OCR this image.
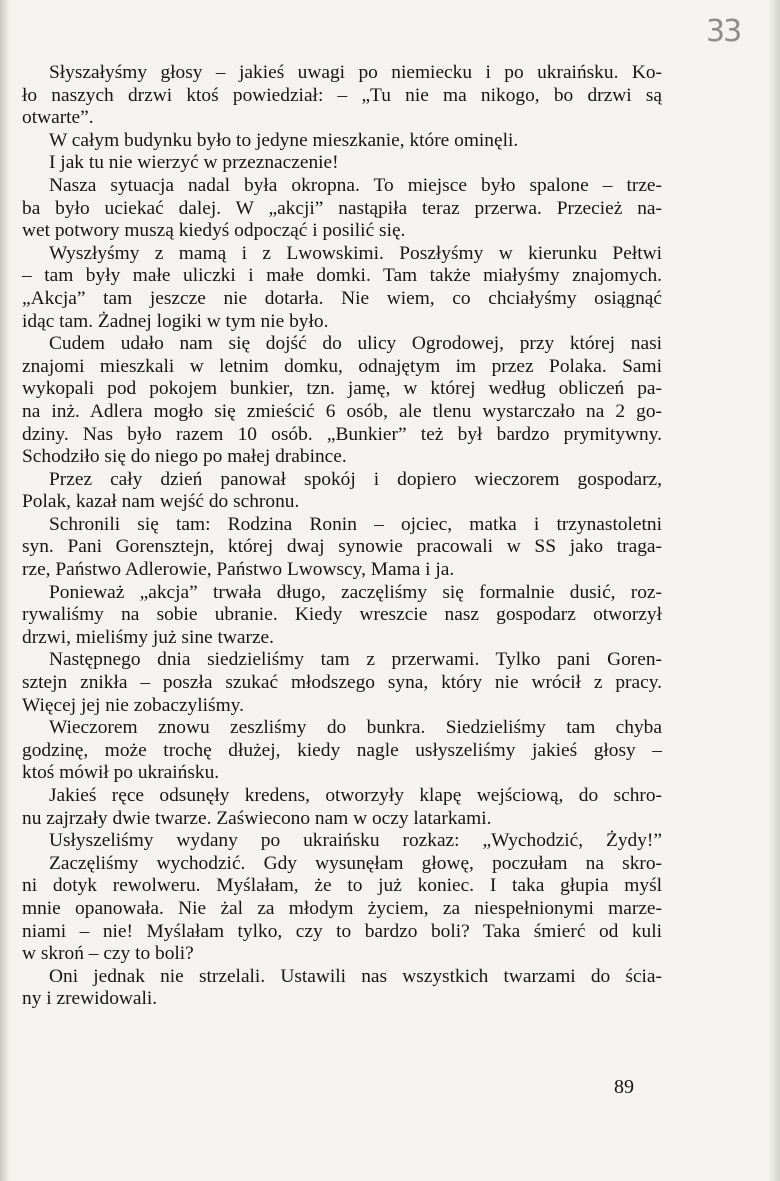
33
Słyszałyśmy głosy – jakieś uwagi po niemiecku i po ukraińsku. Ko-
ło naszych drzwi ktoś powiedział: – „Tu nie ma nikogo, bo drzwi są
otwarte”.
W całym budynku było to jedyne mieszkanie, które ominęli.
I jak tu nie wierzyć w przeznaczenie!
Nasza sytuacja nadal była okropna. To miejsce było spalone – trze-
ba było uciekać dalej. W „akcji” nastąpiła teraz przerwa. Przecież na-
wet potwory muszą kiedyś odpocząć i posilić się.
Wyszłyśmy z mamą i z Lwowskimi. Poszłyśmy w kierunku Pełtwi
– tam były małe uliczki i małe domki. Tam także miałyśmy znajomych.
„Akcja” tam jeszcze nie dotarła. Nie wiem, co chciałyśmy osiągnąć
idąc tam. Żadnej logiki w tym nie było.
Cudem udało nam się dojść do ulicy Ogrodowej, przy której nasi
znajomi mieszkali w letnim domku, odnajętym im przez Polaka. Sami
wykopali pod pokojem bunkier, tzn. jamę, w której według obliczeń pa-
na inż. Adlera mogło się zmieścić 6 osób, ale tlenu wystarczało na 2 go-
dziny. Nas było razem 10 osób. „Bunkier” też był bardzo prymitywny.
Schodziło się do niego po małej drabince.
Przez cały dzień panował spokój i dopiero wieczorem gospodarz,
Polak, kazał nam wejść do schronu.
Schronili się tam: Rodzina Ronin – ojciec, matka i trzynastoletni
syn. Pani Gorensztejn, której dwaj synowie pracowali w SS jako traga-
rze, Państwo Adlerowie, Państwo Lwowscy, Mama i ja.
Ponieważ „akcja” trwała długo, zaczęliśmy się formalnie dusić, roz-
rywaliśmy na sobie ubranie. Kiedy wreszcie nasz gospodarz otworzył
drzwi, mieliśmy już sine twarze.
Następnego dnia siedzieliśmy tam z przerwami. Tylko pani Goren-
sztejn znikła – poszła szukać młodszego syna, który nie wrócił z pracy.
Więcej jej nie zobaczyliśmy.
Wieczorem znowu zeszliśmy do bunkra. Siedzieliśmy tam chyba
godzinę, może trochę dłużej, kiedy nagle usłyszeliśmy jakieś głosy –
ktoś mówił po ukraińsku.
Jakieś ręce odsunęły kredens, otworzyły klapę wejściową, do schro-
nu zajrzały dwie twarze. Zaświecono nam w oczy latarkami.
Usłyszeliśmy wydany po ukraińsku rozkaz: „Wychodzić, Żydy!”
Zaczęliśmy wychodzić. Gdy wysunęłam głowę, poczułam na skro-
ni dotyk rewolweru. Myślałam, że to już koniec. I taka głupia myśl
mnie opanowała. Nie żal za młodym życiem, za niespełnionymi marze-
niami – nie! Myślałam tylko, czy to bardzo boli? Taka śmierć od kuli
w skroń – czy to boli?
Oni jednak nie strzelali. Ustawili nas wszystkich twarzami do ścia-
ny i zrewidowali.
89
